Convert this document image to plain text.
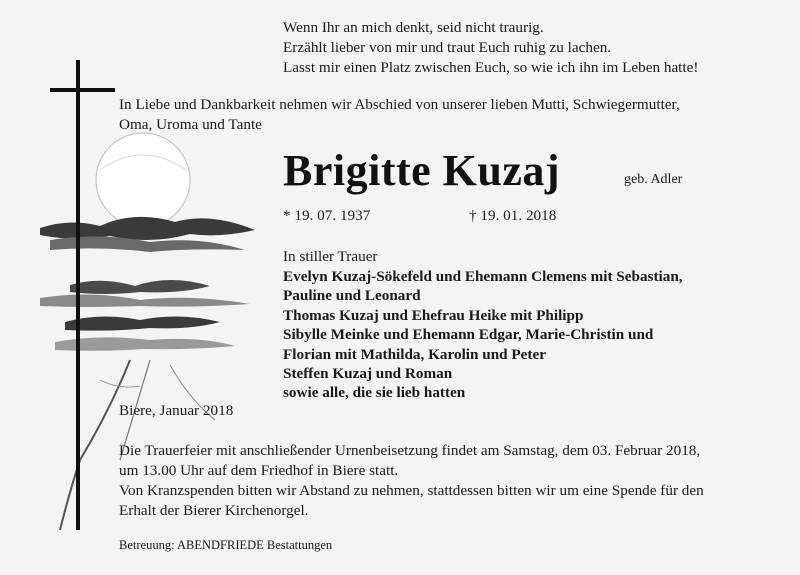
Wenn Ihr an mich denkt, seid nicht traurig.
Erzählt lieber von mir und traut Euch ruhig zu lachen.
Lasst mir einen Platz zwischen Euch, so wie ich ihn im Leben hatte!
In Liebe und Dankbarkeit nehmen wir Abschied von unserer lieben Mutti, Schwiegermutter,
Oma, Uroma und Tante
Brigitte Kuzaj	geb. Adler
* 19. 07. 1937	† 19. 01. 2018
In stiller Trauer
Evelyn Kuzaj-Sökefeld und Ehemann Clemens mit Sebastian,
Pauline und Leonard
Thomas Kuzaj und Ehefrau Heike mit Philipp
Sibylle Meinke und Ehemann Edgar, Marie-Christin und
Florian mit Mathilda, Karolin und Peter
Steffen Kuzaj und Roman
sowie alle, die sie lieb hatten
Biere, Januar 2018
Die Trauerfeier mit anschließender Urnenbeisetzung findet am Samstag, dem 03. Februar 2018,
um 13.00 Uhr auf dem Friedhof in Biere statt.
Von Kranzspenden bitten wir Abstand zu nehmen, stattdessen bitten wir um eine Spende für den
Erhalt der Bierer Kirchenorgel.
Betreuung: ABENDFRIEDE Bestattungen
